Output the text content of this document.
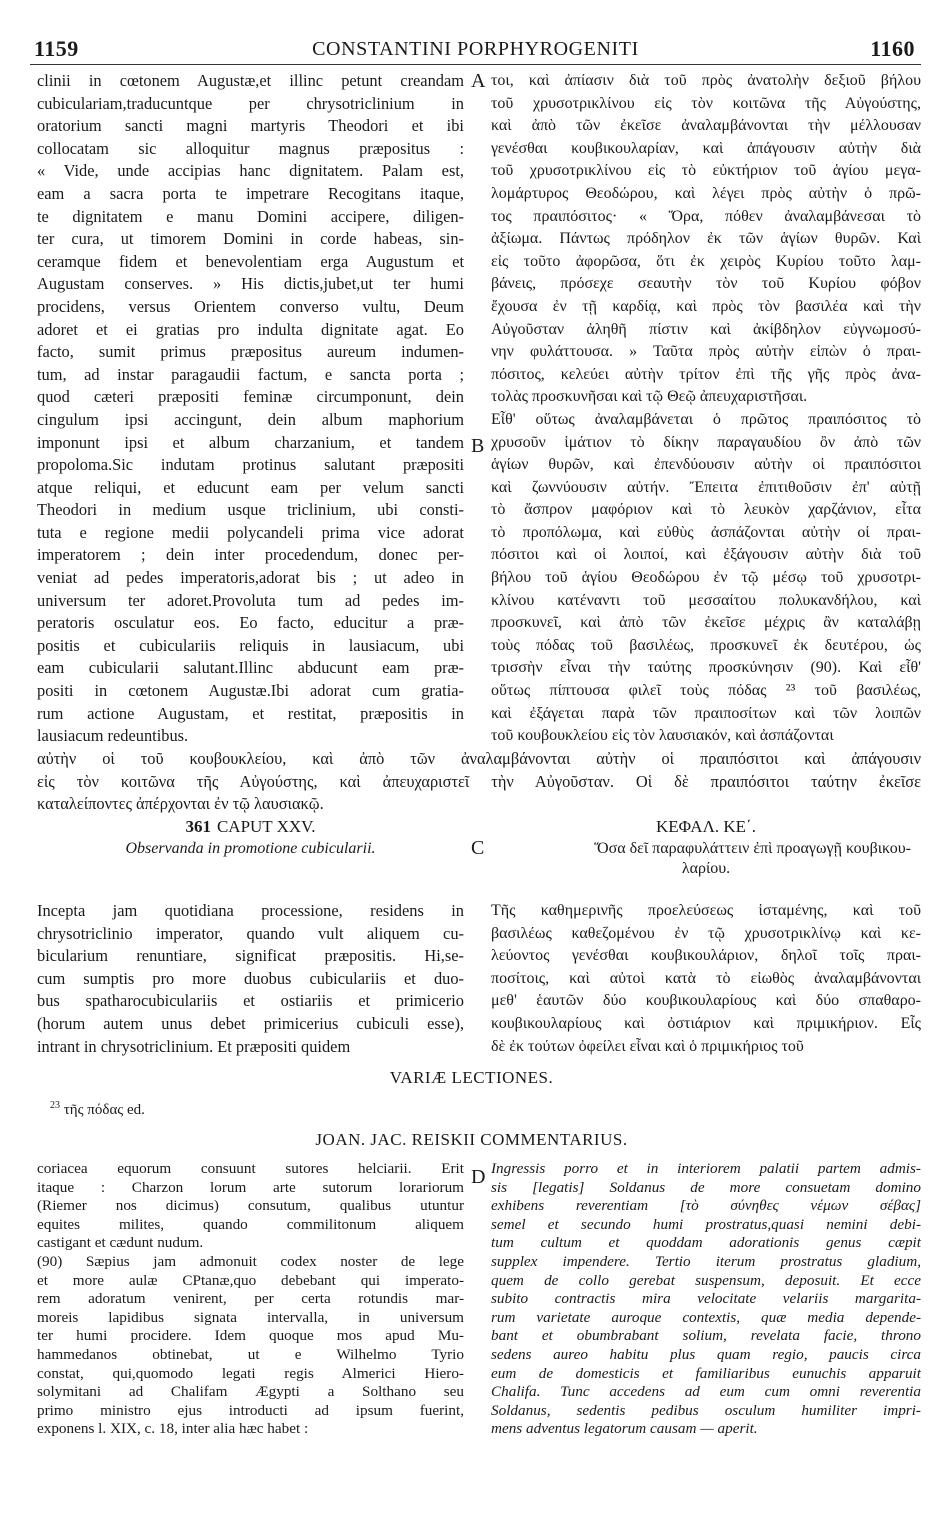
1159	CONSTANTINI PORPHYROGENITI	1160
A
B
C
D
clinii in cœtonem Augustæ,et illinc petunt creandam
cubiculariam,traducuntque per chrysotriclinium in
oratorium sancti magni martyris Theodori et ibi
collocatam sic alloquitur magnus præpositus :
« Vide, unde accipias hanc dignitatem. Palam est,
eam a sacra porta te impetrare Recogitans itaque,
te dignitatem e manu Domini accipere, diligen-
ter cura, ut timorem Domini in corde habeas, sin-
ceramque fidem et benevolentiam erga Augustum et
Augustam conserves. » His dictis,jubet,ut ter humi
procidens, versus Orientem converso vultu, Deum
adoret et ei gratias pro indulta dignitate agat. Eo
facto, sumit primus præpositus aureum indumen-
tum, ad instar paragaudii factum, e sancta porta ;
quod cæteri præpositi feminæ circumponunt, dein
cingulum ipsi accingunt, dein album maphorium
imponunt ipsi et album charzanium, et tandem
propoloma.Sic indutam protinus salutant præpositi
atque reliqui, et educunt eam per velum sancti
Theodori in medium usque triclinium, ubi consti-
tuta e regione medii polycandeli prima vice adorat
imperatorem ; dein inter procedendum, donec per-
veniat ad pedes imperatoris,adorat bis ; ut adeo in
universum ter adoret.Provoluta tum ad pedes im-
peratoris osculatur eos. Eo facto, educitur a præ-
positis et cubiculariis reliquis in lausiacum, ubi
eam cubicularii salutant.Illinc abducunt eam præ-
positi in cœtonem Augustæ.Ibi adorat cum gratia-
rum actione Augustam, et restitat, præpositis in
lausiacum redeuntibus.
τοι, καὶ ἀπίασιν διὰ τοῦ πρὸς ἀνατολὴν δεξιοῦ βήλου
τοῦ χρυσοτρικλίνου εἰς τὸν κοιτῶνα τῆς Αὐγούστης,
καὶ ἀπὸ τῶν ἐκεῖσε ἀναλαμβάνονται τὴν μέλλουσαν
γενέσθαι κουβικουλαρίαν, καὶ ἀπάγουσιν αὐτὴν διὰ
τοῦ χρυσοτρικλίνου εἰς τὸ εὐκτήριον τοῦ ἁγίου μεγα-
λομάρτυρος Θεοδώρου, καὶ λέγει πρὸς αὐτὴν ὁ πρῶ-
τος πραιπόσιτος· « Ὅρα, πόθεν ἀναλαμβάνεσαι τὸ
ἀξίωμα. Πάντως πρόδηλον ἐκ τῶν ἁγίων θυρῶν. Καὶ
εἰς τοῦτο ἀφορῶσα, ὅτι ἐκ χειρὸς Κυρίου τοῦτο λαμ-
βάνεις, πρόσεχε σεαυτὴν τὸν τοῦ Κυρίου φόβον
ἔχουσα ἐν τῇ καρδίᾳ, καὶ πρὸς τὸν βασιλέα καὶ τὴν
Αὐγοῦσταν ἀληθῆ πίστιν καὶ ἀκίβδηλον εὐγνωμοσύ-
νην φυλάττουσα. » Ταῦτα πρὸς αὐτὴν εἰπὼν ὁ πραι-
πόσιτος, κελεύει αὐτὴν τρίτον ἐπὶ τῆς γῆς πρὸς ἀνα-
τολὰς προσκυνῆσαι καὶ τῷ Θεῷ ἀπευχαριστῆσαι.
Εἶθ' οὕτως ἀναλαμβάνεται ὁ πρῶτος πραιπόσιτος τὸ
χρυσοῦν ἱμάτιον τὸ δίκην παραγαυδίου ὂν ἀπὸ τῶν
ἁγίων θυρῶν, καὶ ἐπενδύουσιν αὐτὴν οἱ πραιπόσιτοι
καὶ ζωννύουσιν αὐτήν. Ἔπειτα ἐπιτιθοῦσιν ἐπ' αὐτῇ
τὸ ἄσπρον μαφόριον καὶ τὸ λευκὸν χαρζάνιον, εἶτα
τὸ προπόλωμα, καὶ εὐθὺς ἀσπάζονται αὐτὴν οἱ πραι-
πόσιτοι καὶ οἱ λοιποί, καὶ ἐξάγουσιν αὐτὴν διὰ τοῦ
βήλου τοῦ ἁγίου Θεοδώρου ἐν τῷ μέσῳ τοῦ χρυσοτρι-
κλίνου κατέναντι τοῦ μεσσαίτου πολυκανδήλου, καὶ
προσκυνεῖ, καὶ ἀπὸ τῶν ἐκεῖσε μέχρις ἂν καταλάβῃ
τοὺς πόδας τοῦ βασιλέως, προσκυνεῖ ἐκ δευτέρου, ὡς
τρισσὴν εἶναι τὴν ταύτης προσκύνησιν (90). Καὶ εἶθ'
οὕτως πίπτουσα φιλεῖ τοὺς πόδας ²³ τοῦ βασιλέως,
καὶ ἐξάγεται παρὰ τῶν πραιποσίτων καὶ τῶν λοιπῶν
τοῦ κουβουκλείου εἰς τὸν λαυσιακόν, καὶ ἀσπάζονται
αὐτὴν οἱ τοῦ κουβουκλείου, καὶ ἀπὸ τῶν ἀναλαμβάνονται αὐτὴν οἱ πραιπόσιτοι καὶ ἀπάγουσιν
εἰς τὸν κοιτῶνα τῆς Αὐγούστης, καὶ ἀπευχαριστεῖ τὴν Αὐγοῦσταν. Οἱ δὲ πραιπόσιτοι ταύτην ἐκεῖσε
καταλείποντες ἀπέρχονται ἐν τῷ λαυσιακῷ.
361 CAPUT XXV.
Observanda in promotione cubicularii.
ΚΕΦΑΛ. ΚΕ΄.
Ὅσα δεῖ παραφυλάττειν ἐπὶ προαγωγῇ κουβικου-
λαρίου.
Incepta jam quotidiana processione, residens in
chrysotriclinio imperator, quando vult aliquem cu-
bicularium renuntiare, significat præpositis. Hi,se-
cum sumptis pro more duobus cubiculariis et duo-
bus spatharocubiculariis et ostiariis et primicerio
(horum autem unus debet primicerius cubiculi esse),
intrant in chrysotriclinium. Et præpositi quidem
Τῆς καθημερινῆς προελεύσεως ἱσταμένης, καὶ τοῦ
βασιλέως καθεζομένου ἐν τῷ χρυσοτρικλίνῳ καὶ κε-
λεύοντος γενέσθαι κουβικουλάριον, δηλοῖ τοῖς πραι-
ποσίτοις, καὶ αὐτοὶ κατὰ τὸ εἰωθὸς ἀναλαμβάνονται
μεθ' ἑαυτῶν δύο κουβικουλαρίους καὶ δύο σπαθαρο-
κουβικουλαρίους καὶ ὀστιάριον καὶ πριμικήριον. Εἷς
δὲ ἐκ τούτων ὀφείλει εἶναι καὶ ὁ πριμικήριος τοῦ
VARIÆ LECTIONES.
$^{23}$ τῆς πόδας ed.
JOAN. JAC. REISKII COMMENTARIUS.
coriacea equorum consuunt sutores helciarii. Erit
itaque : Charzon lorum arte sutorum lorariorum
(Riemer nos dicimus) consutum, qualibus utuntur
equites milites, quando commilitonum aliquem
castigant et cædunt nudum.
(90) Sæpius jam admonuit codex noster de lege
et more aulæ CPtanæ,quo debebant qui imperato-
rem adoratum venirent, per certa rotundis mar-
moreis lapidibus signata intervalla, in universum
ter humi procidere. Idem quoque mos apud Mu-
hammedanos obtinebat, ut e Wilhelmo Tyrio
constat, qui,quomodo legati regis Almerici Hiero-
solymitani ad Chalifam Ægypti a Solthano seu
primo ministro ejus introducti ad ipsum fuerint,
exponens l. XIX, c. 18, inter alia hæc habet :
Ingressis porro et in interiorem palatii partem admis-
sis [legatis] Soldanus de more consuetam domino
exhibens reverentiam [τὸ σύνηθες νέμων σέβας]
semel et secundo humi prostratus,quasi nemini debi-
tum cultum et quoddam adorationis genus cæpit
supplex impendere. Tertio iterum prostratus gladium,
quem de collo gerebat suspensum, deposuit. Et ecce
subito contractis mira velocitate velariis margarita-
rum varietate auroque contextis, quæ media depende-
bant et obumbrabant solium, revelata facie, throno
sedens aureo habitu plus quam regio, paucis circa
eum de domesticis et familiaribus eunuchis apparuit
Chalifa. Tunc accedens ad eum cum omni reverentia
Soldanus, sedentis pedibus osculum humiliter impri-
mens adventus legatorum causam — aperit.
